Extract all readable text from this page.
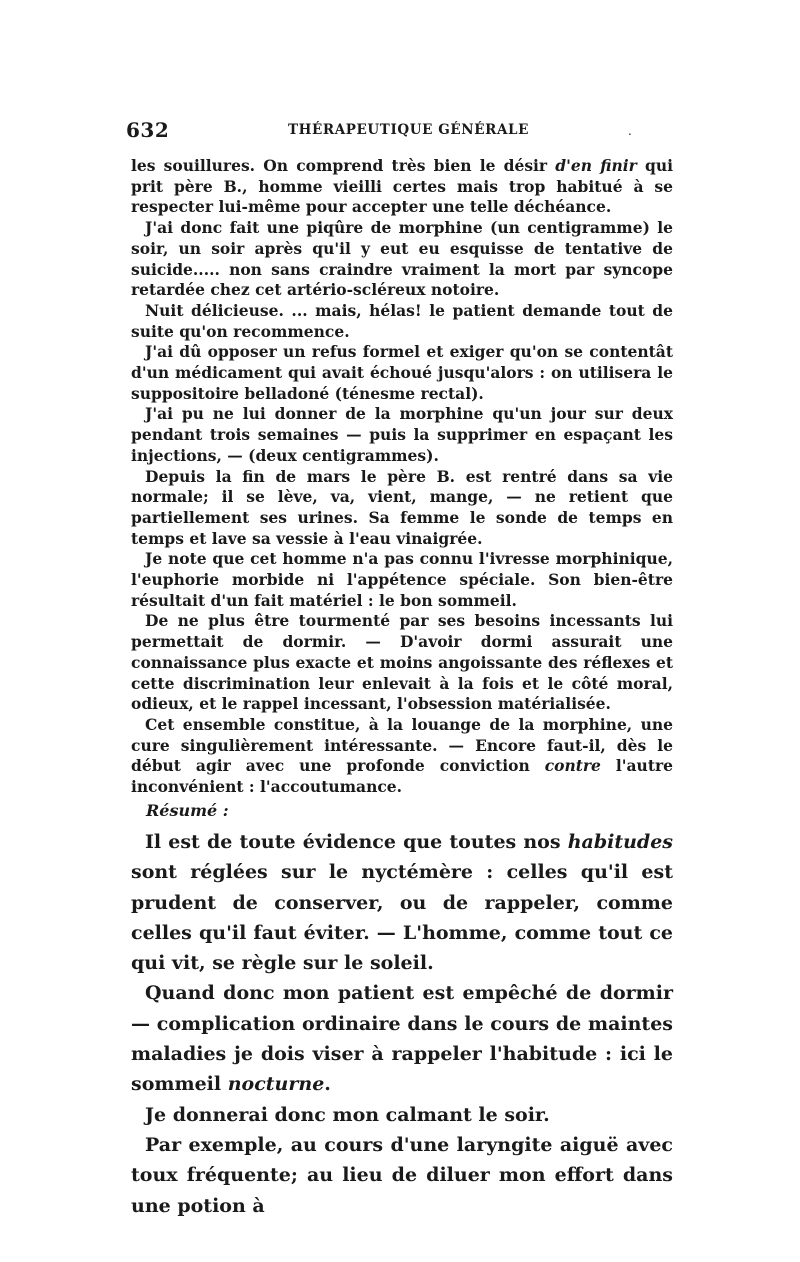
632	THÉRAPEUTIQUE GÉNÉRALE	.

les souillures. On comprend très bien le désir d'en finir qui prit père B., homme vieilli certes mais trop habitué à se respecter lui-même pour accepter une telle déchéance.

J'ai donc fait une piqûre de morphine (un centigramme) le soir, un soir après qu'il y eut eu esquisse de tentative de suicide..... non sans craindre vraiment la mort par syncope retardée chez cet artério-scléreux notoire.

Nuit délicieuse. ... mais, hélas! le patient demande tout de suite qu'on recommence.

J'ai dû opposer un refus formel et exiger qu'on se contentât d'un médicament qui avait échoué jusqu'alors : on utilisera le suppositoire belladoné (ténesme rectal).

J'ai pu ne lui donner de la morphine qu'un jour sur deux pendant trois semaines — puis la supprimer en espaçant les injections, — (deux centigrammes).

Depuis la fin de mars le père B. est rentré dans sa vie normale; il se lève, va, vient, mange, — ne retient que partiellement ses urines. Sa femme le sonde de temps en temps et lave sa vessie à l'eau vinaigrée.

Je note que cet homme n'a pas connu l'ivresse morphinique, l'euphorie morbide ni l'appétence spéciale. Son bien-être résultait d'un fait matériel : le bon sommeil.

De ne plus être tourmenté par ses besoins incessants lui permettait de dormir. — D'avoir dormi assurait une connaissance plus exacte et moins angoissante des réflexes et cette discrimination leur enlevait à la fois et le côté moral, odieux, et le rappel incessant, l'obsession matérialisée.

Cet ensemble constitue, à la louange de la morphine, une cure singulièrement intéressante. — Encore faut-il, dès le début agir avec une profonde conviction contre l'autre inconvénient : l'accoutumance.

Résumé :

Il est de toute évidence que toutes nos habitudes sont réglées sur le nyctémère : celles qu'il est prudent de conserver, ou de rappeler, comme celles qu'il faut éviter. — L'homme, comme tout ce qui vit, se règle sur le soleil.

Quand donc mon patient est empêché de dormir — complication ordinaire dans le cours de maintes maladies je dois viser à rappeler l'habitude : ici le sommeil nocturne.

Je donnerai donc mon calmant le soir.

Par exemple, au cours d'une laryngite aiguë avec toux fréquente; au lieu de diluer mon effort dans une potion à
